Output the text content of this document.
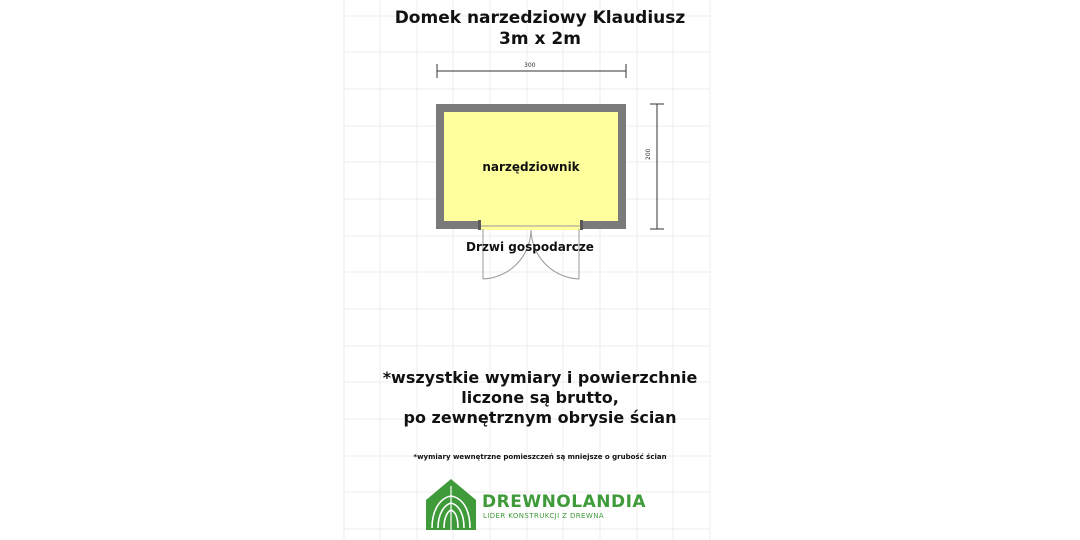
Domek narzedziowy Klaudiusz
3m x 2m
300
200
narzędziownik
Drzwi gospodarcze
*wszystkie wymiary i powierzchnie
liczone są brutto,
po zewnętrznym obrysie ścian
*wymiary wewnętrzne pomieszczeń są mniejsze o grubość ścian
DREWNOLANDIA
LIDER KONSTRUKCJI Z DREWNA
